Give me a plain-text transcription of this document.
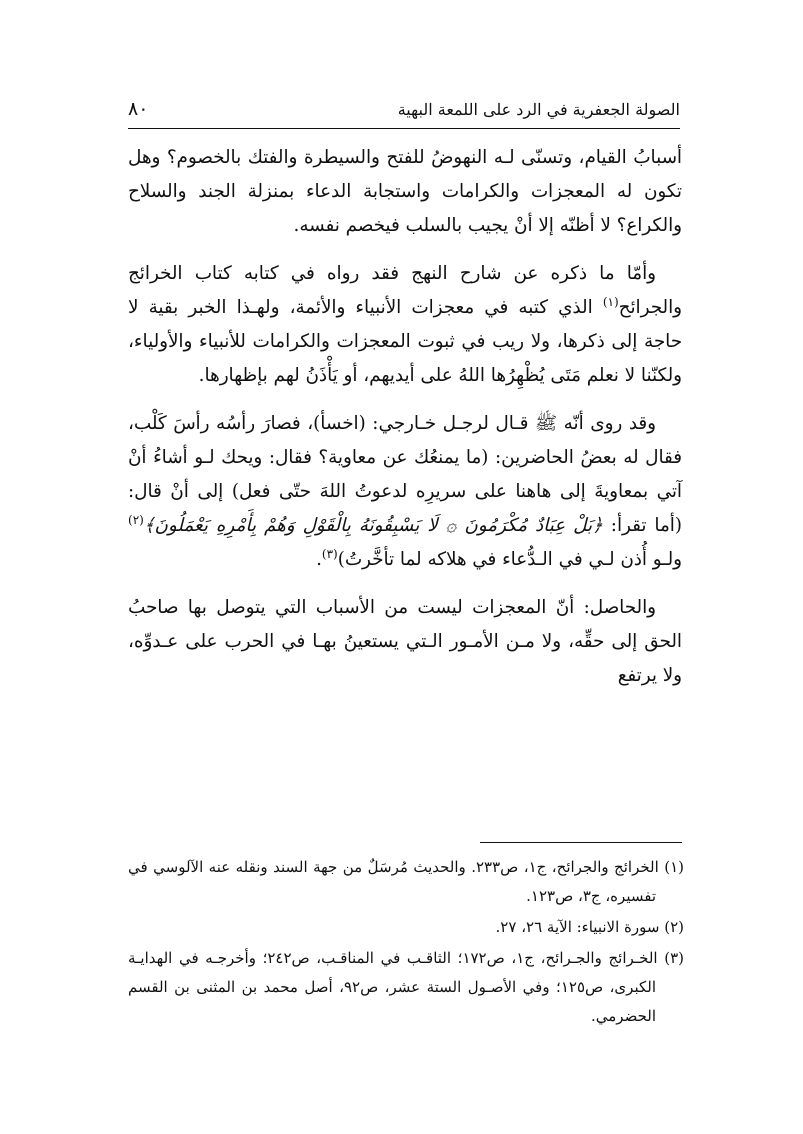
الصولة الجعفرية في الرد على اللمعة البهية
٨٠

أسبابُ القيام، وتسنّى لـه النهوضُ للفتح والسيطرة والفتك بالخصوم؟ وهل تكون له المعجزات والكرامات واستجابة الدعاء بمنزلة الجند والسلاح والكراع؟ لا أظنّه إلا أنْ يجيب بالسلب فيخصم نفسه.

وأمّا ما ذكره عن شارح النهج فقد رواه في كتابه كتاب الخرائج والجرائح$^{(١)}$ الذي كتبه في معجزات الأنبياء والأئمة، ولهـذا الخبر بقية لا حاجة إلى ذكرها، ولا ريب في ثبوت المعجزات والكرامات للأنبياء والأولياء، ولكنّنا لا نعلم مَتَى يُظْهِرُها اللهُ على أيديهم، أو يَأْذَنُ لهم بإظهارها.

وقد روى أنّه ﷺ قـال لرجـل خـارجي: (اخسأ)، فصارَ رأسُه رأسَ كَلْب، فقال له بعضُ الحاضرين: (ما يمنعُك عن معاوية؟ فقال: ويحك لـو أشاءُ أنْ آتي بمعاويةَ إلى هاهنا على سريرِه لدعوتُ اللهَ حتّى فعل) إلى أنْ قال: (أما تقرأ: ﴿بَلْ عِبَادٌ مُكْرَمُونَ ۞ لَا يَسْبِقُونَهُ بِالْقَوْلِ وَهُمْ بِأَمْرِهِ يَعْمَلُونَ﴾$^{(٢)}$ ولـو أُذن لـي في الـدُّعاء في هلاكه لما تأخَّرتُ)$^{(٣)}$.

والحاصل: أنّ المعجزات ليست من الأسباب التي يتوصل بها صاحبُ الحق إلى حقِّه، ولا مـن الأمـور الـتي يستعينُ بهـا في الحرب على عـدوِّه، ولا يرتفع

(١) الخرائج والجرائح، ج١، ص٢٣٣. والحديث مُرسَلٌ من جهة السند ونقله عنه الآلوسي في تفسيره، ج٣، ص١٢٣.

(٢) سورة الانبياء: الآية ٢٦، ٢٧.

(٣) الخـرائج والجـرائح، ج١، ص١٧٢؛ الثاقـب في المناقـب، ص٢٤٢؛ وأخرجـه في الهدايـة الكبرى، ص١٢٥؛ وفي الأصـول الستة عشر، ص٩٢، أصل محمد بن المثنى بن القسم الحضرمي.
